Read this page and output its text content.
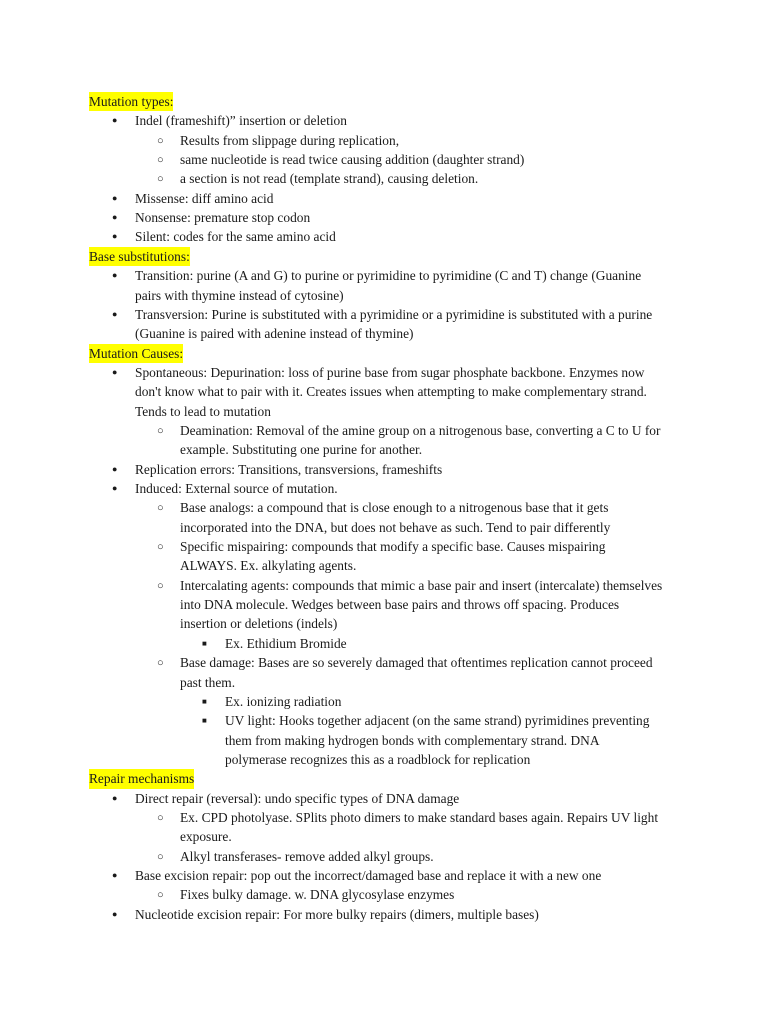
Mutation types:
●
Indel (frameshift)” insertion or deletion
○
Results from slippage during replication,
○
same nucleotide is read twice causing addition (daughter strand)
○
a section is not read (template strand), causing deletion.
●
Missense: diff amino acid
●
Nonsense: premature stop codon
●
Silent: codes for the same amino acid
Base substitutions:
●
Transition: purine (A and G) to purine or pyrimidine to pyrimidine (C and T) change (Guanine
pairs with thymine instead of cytosine)
●
Transversion: Purine is substituted with a pyrimidine or a pyrimidine is substituted with a purine
(Guanine is paired with adenine instead of thymine)
Mutation Causes:
●
Spontaneous: Depurination: loss of purine base from sugar phosphate backbone. Enzymes now
don't know what to pair with it. Creates issues when attempting to make complementary strand.
Tends to lead to mutation
○
Deamination: Removal of the amine group on a nitrogenous base, converting a C to U for
example. Substituting one purine for another.
●
Replication errors: Transitions, transversions, frameshifts
●
Induced: External source of mutation.
○
Base analogs: a compound that is close enough to a nitrogenous base that it gets
incorporated into the DNA, but does not behave as such. Tend to pair differently
○
Specific mispairing: compounds that modify a specific base. Causes mispairing
ALWAYS. Ex. alkylating agents.
○
Intercalating agents: compounds that mimic a base pair and insert (intercalate) themselves
into DNA molecule. Wedges between base pairs and throws off spacing. Produces
insertion or deletions (indels)
■
Ex. Ethidium Bromide
○
Base damage: Bases are so severely damaged that oftentimes replication cannot proceed
past them.
■
Ex. ionizing radiation
■
UV light: Hooks together adjacent (on the same strand) pyrimidines preventing
them from making hydrogen bonds with complementary strand. DNA
polymerase recognizes this as a roadblock for replication
Repair mechanisms
●
Direct repair (reversal): undo specific types of DNA damage
○
Ex. CPD photolyase. SPlits photo dimers to make standard bases again. Repairs UV light
exposure.
○
Alkyl transferases- remove added alkyl groups.
●
Base excision repair: pop out the incorrect/damaged base and replace it with a new one
○
Fixes bulky damage. w. DNA glycosylase enzymes
●
Nucleotide excision repair: For more bulky repairs (dimers, multiple bases)
